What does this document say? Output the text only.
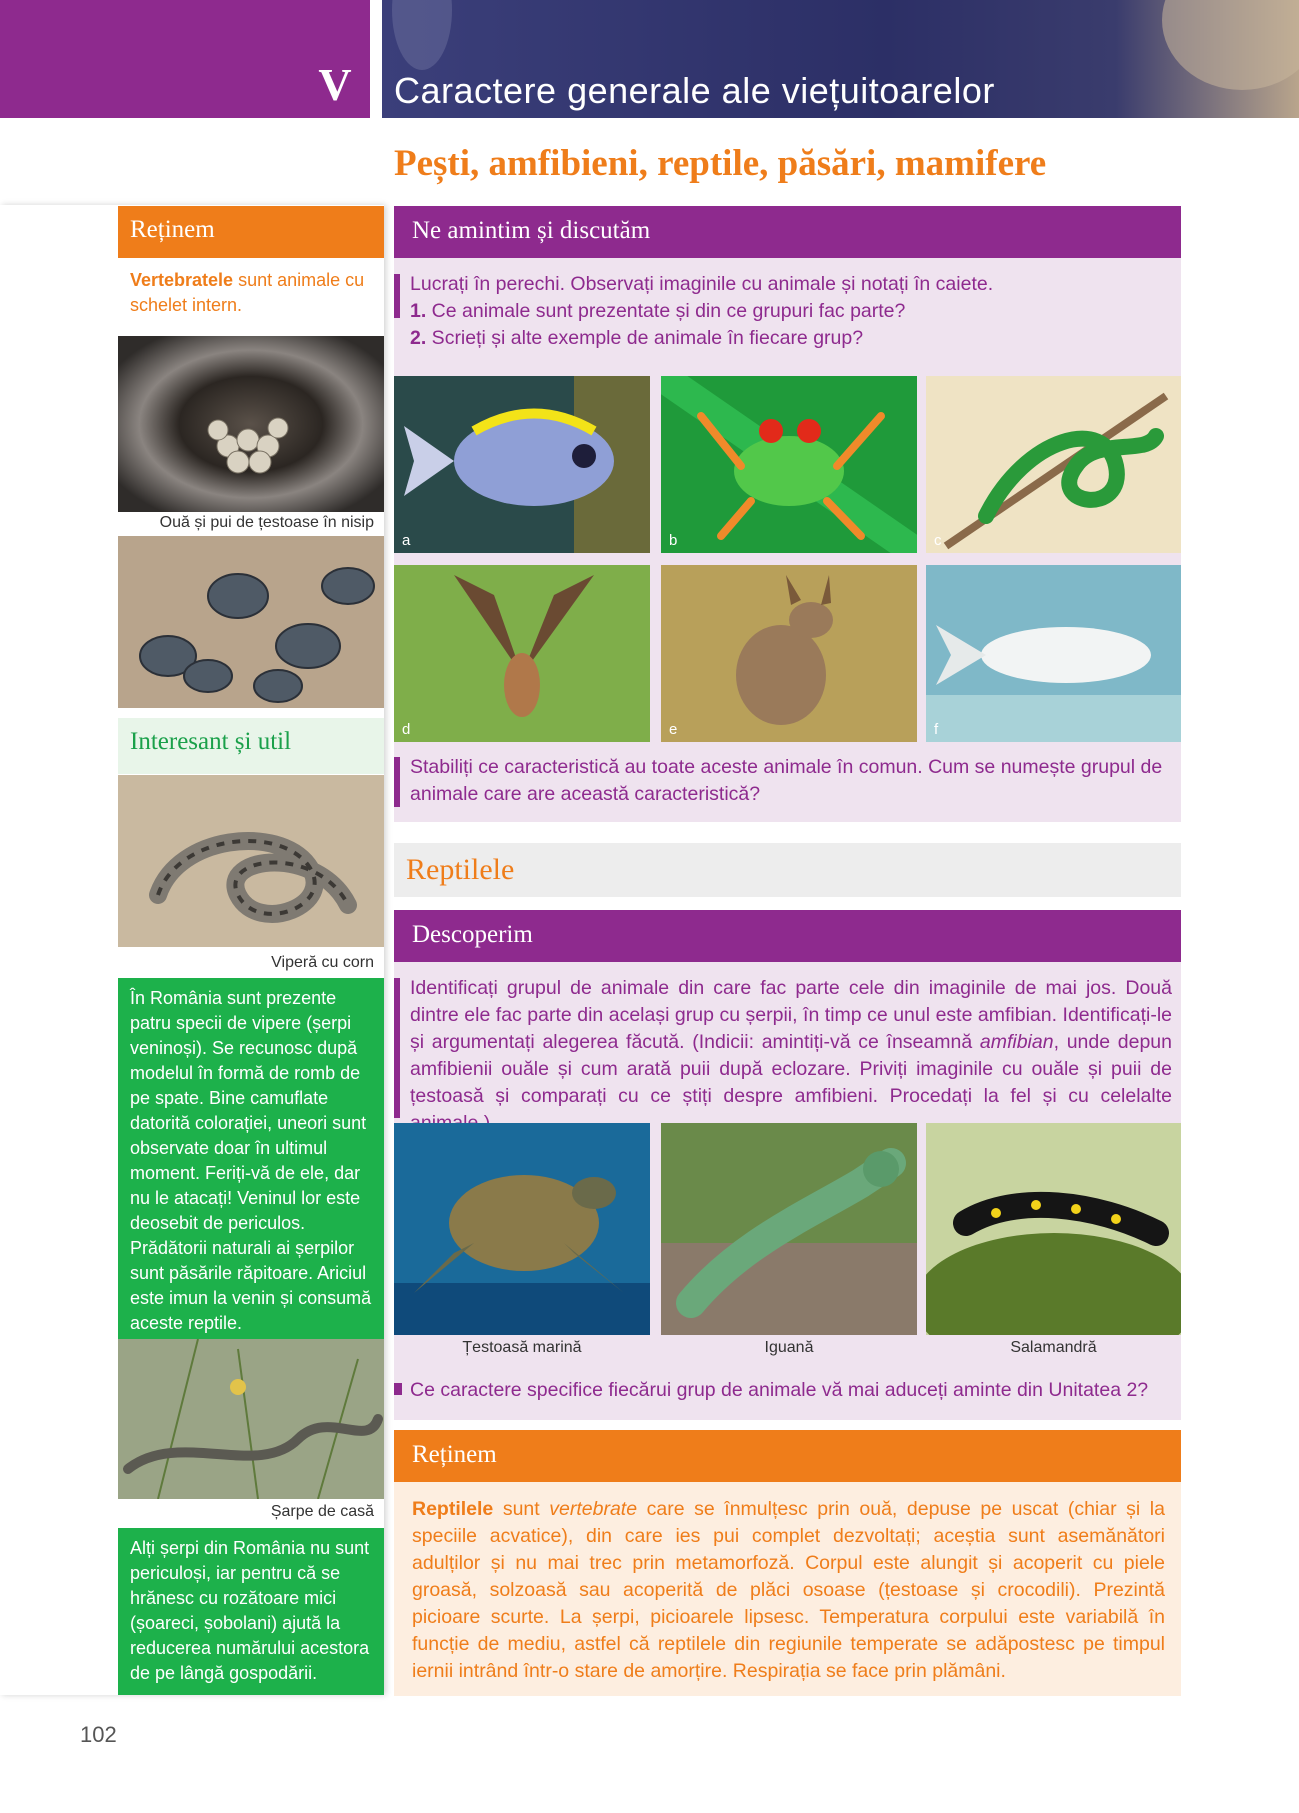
V	Caractere generale ale viețuitoarelor
Pești, amfibieni, reptile, păsări, mamifere
Reținem
Vertebratele sunt animale cu schelet intern.
Ouă și pui de țestoase în nisip
Interesant și util
Viperă cu corn
În România sunt prezente patru specii de vipere (șerpi veninoși). Se recunosc după modelul în formă de romb de pe spate. Bine camuflate datorită colorației, uneori sunt observate doar în ultimul moment. Feriți-vă de ele, dar nu le atacați! Veninul lor este deosebit de periculos. Prădătorii naturali ai șerpilor sunt păsările răpitoare. Ariciul este imun la venin și consumă aceste reptile.
Șarpe de casă
Alți șerpi din România nu sunt periculoși, iar pentru că se hrănesc cu rozătoare mici (șoareci, șobolani) ajută la reducerea numărului acestora de pe lângă gospodării.
Ne amintim și discutăm
Lucrați în perechi. Observați imaginile cu animale și notați în caiete.
1. Ce animale sunt prezentate și din ce grupuri fac parte?
2. Scrieți și alte exemple de animale în fiecare grup?
a	b	c
d	e	f
Stabiliți ce caracteristică au toate aceste animale în comun. Cum se numește grupul de animale care are această caracteristică?
Reptilele
Descoperim
Identificați grupul de animale din care fac parte cele din imaginile de mai jos. Două dintre ele fac parte din același grup cu șerpii, în timp ce unul este amfibian. Identificați-le și argumentați alegerea făcută. (Indicii: amintiți-vă ce înseamnă amfibian, unde depun amfibienii ouăle și cum arată puii după eclozare. Priviți imaginile cu ouăle și puii de țestoasă și comparați cu ce știți despre amfibieni. Procedați la fel și cu celelalte
Țestoasă marină	Iguană	Salamandră
Ce caractere specifice fiecărui grup de animale vă mai aduceți aminte din Unitatea 2?
Reținem
Reptilele sunt vertebrate care se înmulțesc prin ouă, depuse pe uscat (chiar și la speciile acvatice), din care ies pui complet dezvoltați; aceștia sunt asemănători adulților și nu mai trec prin metamorfoză. Corpul este alungit și acoperit cu piele groasă, solzoasă sau acoperită de plăci osoase (țestoase și crocodili). Prezintă picioare scurte. La șerpi, picioarele lipsesc. Temperatura corpului este variabilă în funcție de mediu, astfel că reptilele din regiunile temperate se adăpostesc pe timpul iernii intrând într-o stare de amorțire. Respirația se face prin plămâni.
102
